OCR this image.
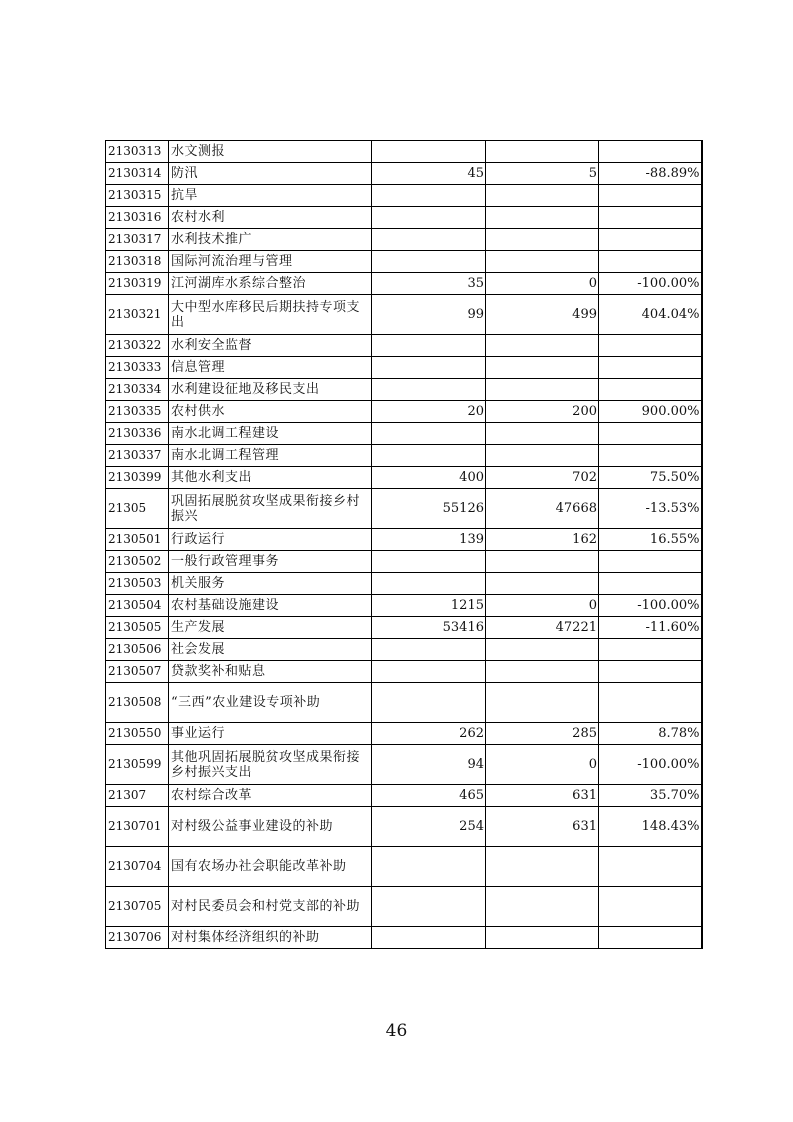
2130313	水文测报			
2130314	防汛	45	5	-88.89%
2130315	抗旱			
2130316	农村水利			
2130317	水利技术推广			
2130318	国际河流治理与管理			
2130319	江河湖库水系综合整治	35	0	-100.00%
2130321	大中型水库移民后期扶持专项支出	99	499	404.04%
2130322	水利安全监督			
2130333	信息管理			
2130334	水利建设征地及移民支出			
2130335	农村供水	20	200	900.00%
2130336	南水北调工程建设			
2130337	南水北调工程管理			
2130399	其他水利支出	400	702	75.50%
21305	巩固拓展脱贫攻坚成果衔接乡村振兴	55126	47668	-13.53%
2130501	行政运行	139	162	16.55%
2130502	一般行政管理事务			
2130503	机关服务			
2130504	农村基础设施建设	1215	0	-100.00%
2130505	生产发展	53416	47221	-11.60%
2130506	社会发展			
2130507	贷款奖补和贴息			
2130508	“三西”农业建设专项补助			
2130550	事业运行	262	285	8.78%
2130599	其他巩固拓展脱贫攻坚成果衔接乡村振兴支出	94	0	-100.00%
21307	农村综合改革	465	631	35.70%
2130701	对村级公益事业建设的补助	254	631	148.43%
2130704	国有农场办社会职能改革补助			
2130705	对村民委员会和村党支部的补助			
2130706	对村集体经济组织的补助			
46
